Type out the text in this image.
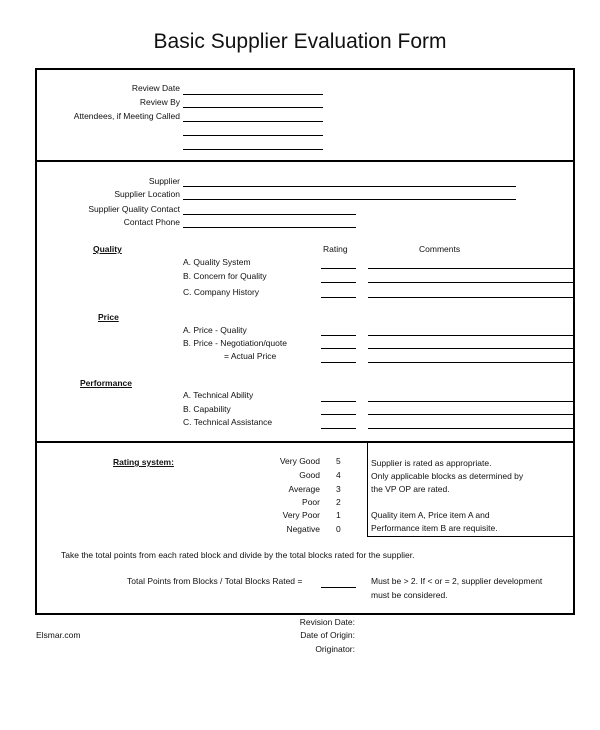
Basic Supplier Evaluation Form
Review Date
Review By
Attendees, if Meeting Called
Supplier
Supplier Location
Supplier Quality Contact
Contact Phone
Rating	Comments
Quality
A. Quality System
B. Concern for Quality
C. Company History
Price
A. Price - Quality
B. Price - Negotiation/quote
= Actual Price
Performance
A. Technical Ability
B. Capability
C. Technical Assistance
Rating system:	Very Good 5
Good 4
Average 3
Poor 2
Very Poor 1
Negative 0
Supplier is rated as appropriate.
Only applicable blocks as determined by
the VP OP are rated.
Quality item A, Price item A and
Performance item B are requisite.
Take the total points from each rated block and divide by the total blocks rated for the supplier.
Total Points from Blocks / Total Blocks Rated =	Must be > 2. If < or = 2, supplier development
must be considered.
Elsmar.com
Revision Date:
Date of Origin:
Originator:
